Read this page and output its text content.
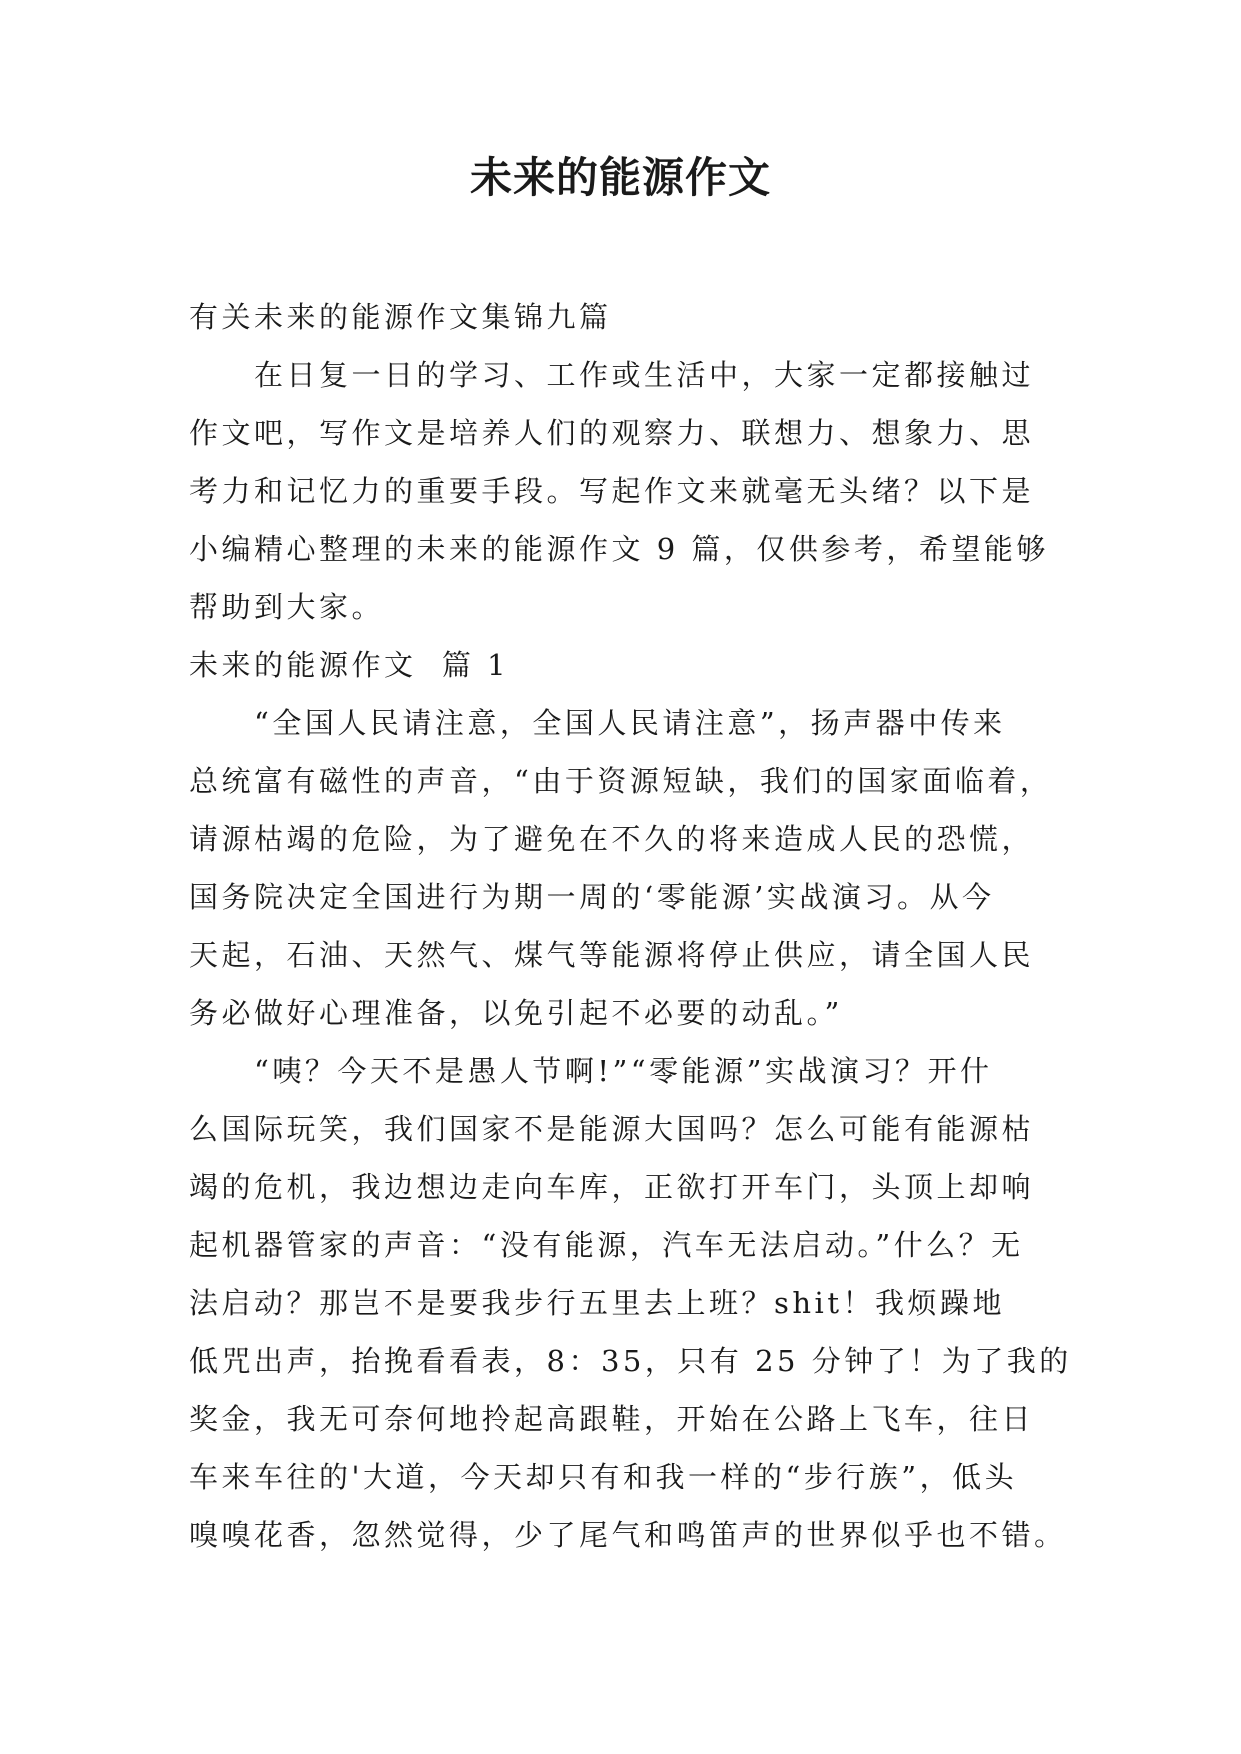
未来的能源作文
有关未来的能源作文集锦九篇
　　在日复一日的学习、工作或生活中，大家一定都接触过
作文吧，写作文是培养人们的观察力、联想力、想象力、思
考力和记忆力的重要手段。写起作文来就毫无头绪？以下是
小编精心整理的未来的能源作文 9 篇，仅供参考，希望能够
帮助到大家。
未来的能源作文  篇 1
　　“全国人民请注意，全国人民请注意”，扬声器中传来
总统富有磁性的声音，“由于资源短缺，我们的国家面临着，
请源枯竭的危险，为了避免在不久的将来造成人民的恐慌，
国务院决定全国进行为期一周的‘零能源’实战演习。从今
天起，石油、天然气、煤气等能源将停止供应，请全国人民
务必做好心理准备，以免引起不必要的动乱。”
　　“咦？今天不是愚人节啊!”“零能源”实战演习？开什
么国际玩笑，我们国家不是能源大国吗？怎么可能有能源枯
竭的危机，我边想边走向车库，正欲打开车门，头顶上却响
起机器管家的声音：“没有能源，汽车无法启动。”什么？无
法启动？那岂不是要我步行五里去上班？shit！我烦躁地
低咒出声，抬挽看看表，8：35，只有 25 分钟了！为了我的
奖金，我无可奈何地拎起高跟鞋，开始在公路上飞车，往日
车来车往的'大道，今天却只有和我一样的“步行族”，低头
嗅嗅花香，忽然觉得，少了尾气和鸣笛声的世界似乎也不错。
